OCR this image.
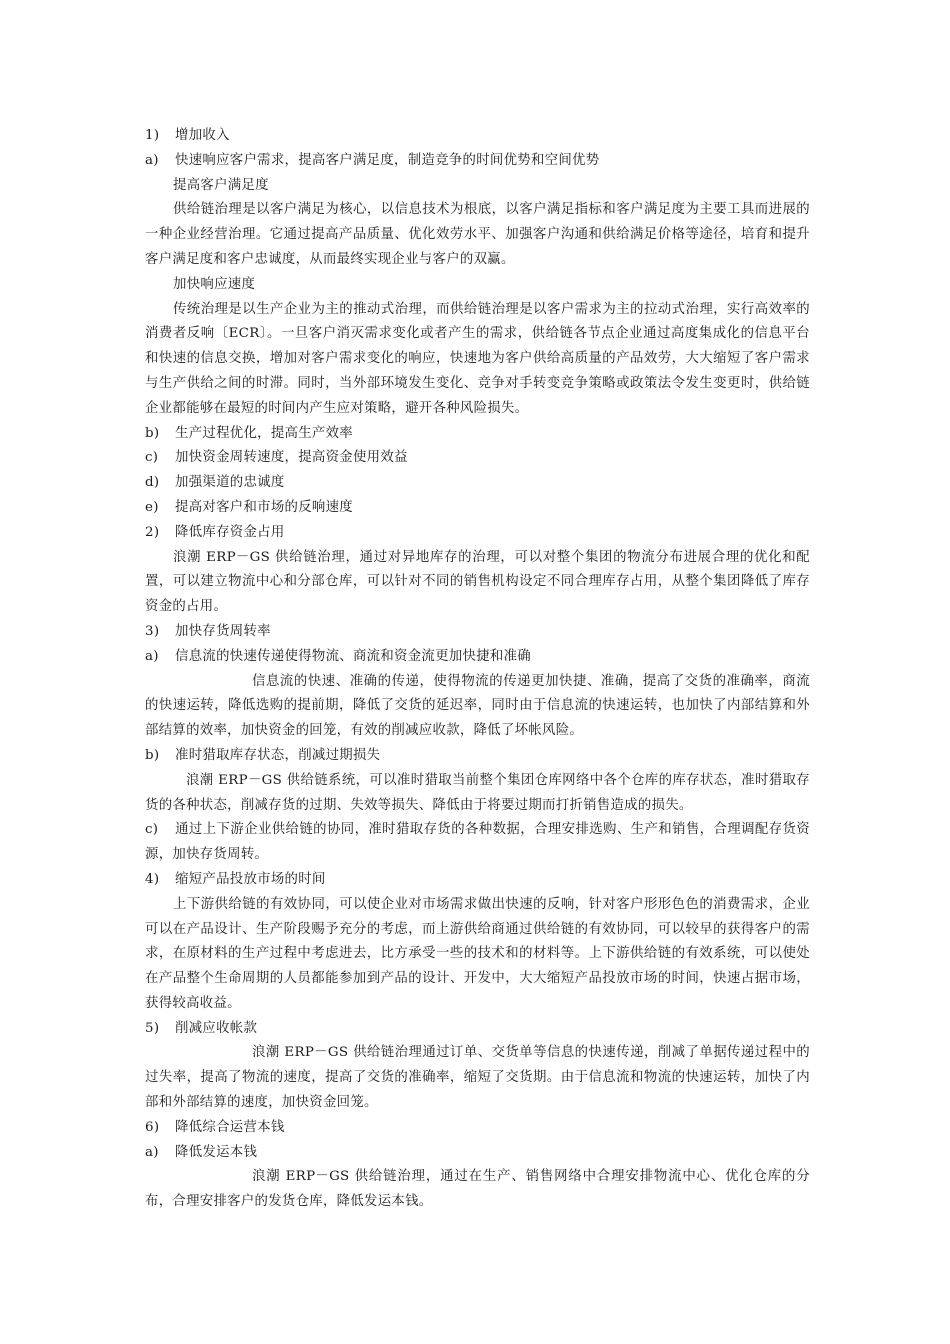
1) 增加收入

a) 快速响应客户需求，提高客户满足度，制造竞争的时间优势和空间优势

提高客户满足度

供给链治理是以客户满足为核心，以信息技术为根底，以客户满足指标和客户满足度为主要工具而进展的一种企业经营治理。它通过提高产品质量、优化效劳水平、加强客户沟通和供给满足价格等途径，培育和提升客户满足度和客户忠诚度，从而最终实现企业与客户的双赢。

加快响应速度

传统治理是以生产企业为主的推动式治理，而供给链治理是以客户需求为主的拉动式治理，实行高效率的消费者反响〔ECR〕。一旦客户消灭需求变化或者产生的需求，供给链各节点企业通过高度集成化的信息平台和快速的信息交换，增加对客户需求变化的响应，快速地为客户供给高质量的产品效劳，大大缩短了客户需求与生产供给之间的时滞。同时，当外部环境发生变化、竞争对手转变竞争策略或政策法令发生变更时，供给链企业都能够在最短的时间内产生应对策略，避开各种风险损失。

b) 生产过程优化，提高生产效率

c) 加快资金周转速度，提高资金使用效益

d) 加强渠道的忠诚度

e) 提高对客户和市场的反响速度

2) 降低库存资金占用

浪潮 ERP－GS 供给链治理，通过对异地库存的治理，可以对整个集团的物流分布进展合理的优化和配置，可以建立物流中心和分部仓库，可以针对不同的销售机构设定不同合理库存占用，从整个集团降低了库存资金的占用。

3) 加快存货周转率

a) 信息流的快速传递使得物流、商流和资金流更加快捷和准确

信息流的快速、准确的传递，使得物流的传递更加快捷、准确，提高了交货的准确率，商流的快速运转，降低选购的提前期，降低了交货的延迟率，同时由于信息流的快速运转，也加快了内部结算和外部结算的效率，加快资金的回笼，有效的削减应收款，降低了坏帐风险。

b) 准时猎取库存状态，削减过期损失

浪潮 ERP－GS 供给链系统，可以准时猎取当前整个集团仓库网络中各个仓库的库存状态，准时猎取存货的各种状态，削减存货的过期、失效等损失、降低由于将要过期而打折销售造成的损失。

c) 通过上下游企业供给链的协同，准时猎取存货的各种数据，合理安排选购、生产和销售，合理调配存货资源，加快存货周转。

4) 缩短产品投放市场的时间

上下游供给链的有效协同，可以使企业对市场需求做出快速的反响，针对客户形形色色的消费需求，企业可以在产品设计、生产阶段赐予充分的考虑，而上游供给商通过供给链的有效协同，可以较早的获得客户的需求，在原材料的生产过程中考虑进去，比方承受一些的技术和的材料等。上下游供给链的有效系统，可以使处在产品整个生命周期的人员都能参加到产品的设计、开发中，大大缩短产品投放市场的时间，快速占据市场，获得较高收益。

5) 削减应收帐款

浪潮 ERP－GS 供给链治理通过订单、交货单等信息的快速传递，削减了单据传递过程中的过失率，提高了物流的速度，提高了交货的准确率，缩短了交货期。由于信息流和物流的快速运转，加快了内部和外部结算的速度，加快资金回笼。

6) 降低综合运营本钱

a) 降低发运本钱

浪潮 ERP－GS 供给链治理，通过在生产、销售网络中合理安排物流中心、优化仓库的分布，合理安排客户的发货仓库，降低发运本钱。
